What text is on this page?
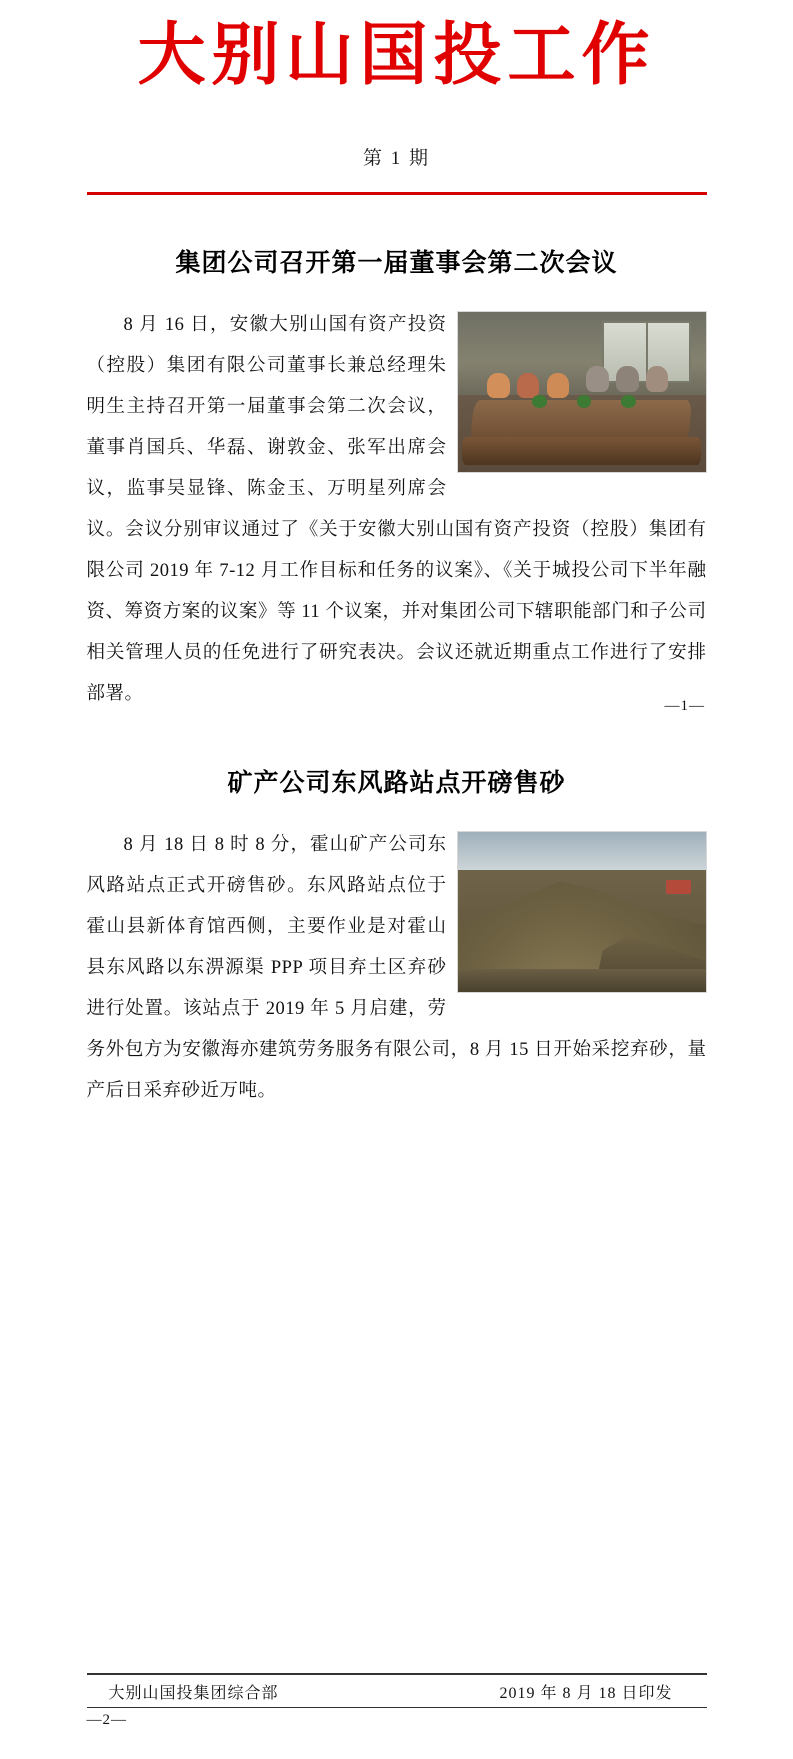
大别山国投工作
第 1 期
集团公司召开第一届董事会第二次会议

8 月 16 日，安徽大别山国有资产投资（控股）集团有限公司董事长兼总经理朱明生主持召开第一届董事会第二次会议，董事肖国兵、华磊、谢敦金、张军出席会议，监事吴显锋、陈金玉、万明星列席会议。会议分别审议通过了《关于安徽大别山国有资产投资（控股）集团有限公司 2019 年 7-12 月工作目标和任务的议案》、《关于城投公司下半年融资、筹资方案的议案》等 11 个议案，并对集团公司下辖职能部门和子公司相关管理人员的任免进行了研究表决。会议还就近期重点工作进行了安排部署。

—1—
矿产公司东风路站点开磅售砂

8 月 18 日 8 时 8 分，霍山矿产公司东风路站点正式开磅售砂。东风路站点位于霍山县新体育馆西侧，主要作业是对霍山县东风路以东淠源渠 PPP 项目弃土区弃砂进行处置。该站点于 2019 年 5 月启建，劳务外包方为安徽海亦建筑劳务服务有限公司，8 月 15 日开始采挖弃砂，量产后日采弃砂近万吨。

大别山国投集团综合部	2019 年 8 月 18 日印发
—2—
